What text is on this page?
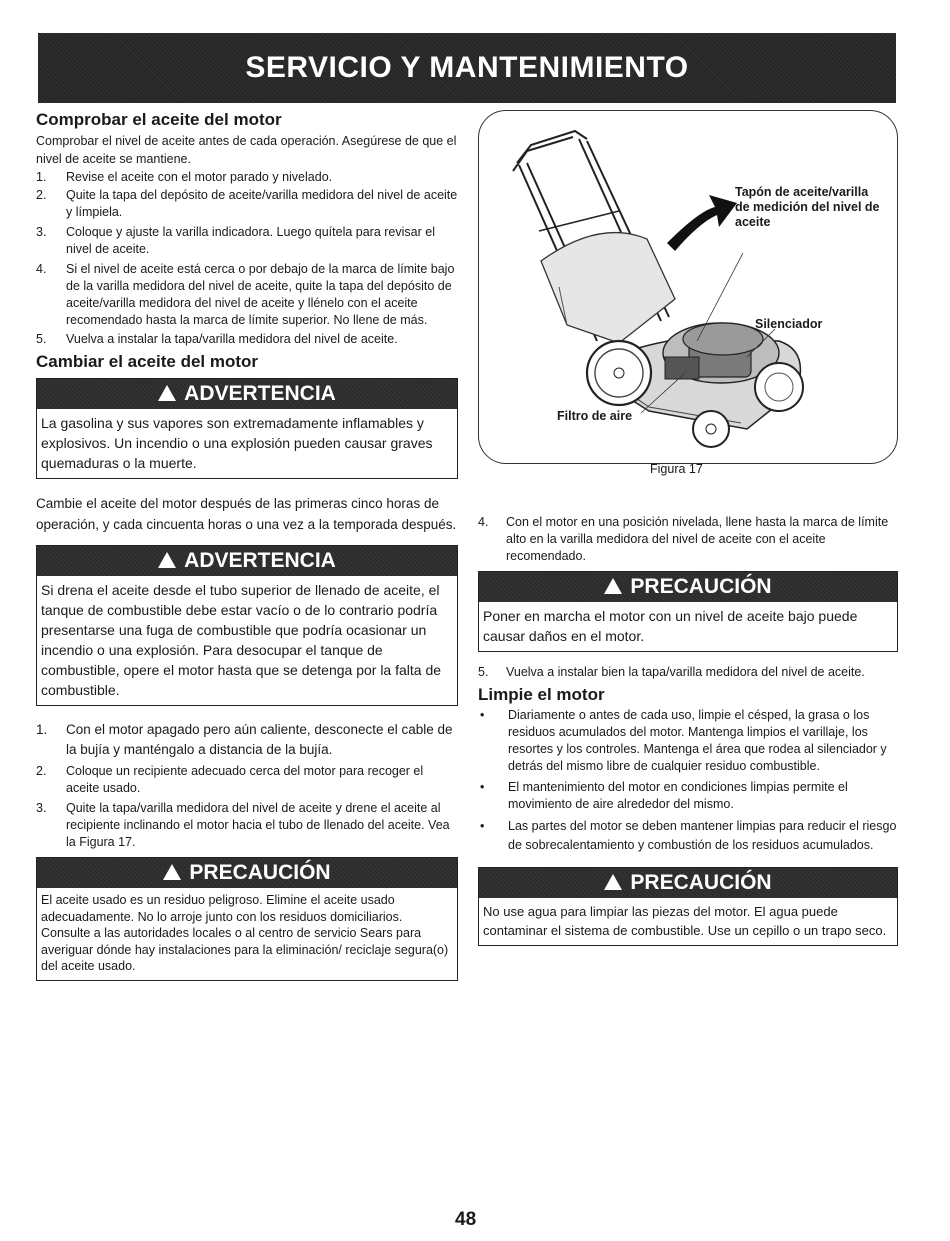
SERVICIO Y MANTENIMIENTO
Comprobar el aceite del motor

Comprobar el nivel de aceite antes de cada operación. Asegúrese de que el nivel de aceite se mantiene.

1. Revise el aceite con el motor parado y nivelado.
2. Quite la tapa del depósito de aceite/varilla medidora del nivel de aceite y límpiela.
3. Coloque y ajuste la varilla indicadora. Luego quítela para revisar el nivel de aceite.
4. Si el nivel de aceite está cerca o por debajo de la marca de límite bajo de la varilla medidora del nivel de aceite, quite la tapa del depósito de aceite/varilla medidora del nivel de aceite y llénelo con el aceite recomendado hasta la marca de límite superior. No llene de más.
5. Vuelva a instalar la tapa/varilla medidora del nivel de aceite.
Cambiar el aceite del motor
ADVERTENCIA
La gasolina y sus vapores son extremadamente inflamables y explosivos. Un incendio o una explosión pueden causar graves quemaduras o la muerte.

Cambie el aceite del motor después de las primeras cinco horas de operación, y cada cincuenta horas o una vez a la temporada después.

ADVERTENCIA
Si drena el aceite desde el tubo superior de llenado de aceite, el tanque de combustible debe estar vacío o de lo contrario podría presentarse una fuga de combustible que podría ocasionar un incendio o una explosión. Para desocupar el tanque de combustible, opere el motor hasta que se detenga por la falta de combustible.
1. Con el motor apagado pero aún caliente, desconecte el cable de la bujía y manténgalo a distancia de la bujía.
2. Coloque un recipiente adecuado cerca del motor para recoger el aceite usado.
3. Quite la tapa/varilla medidora del nivel de aceite y drene el aceite al recipiente inclinando el motor hacia el tubo de llenado del aceite. Vea la Figura 17.
PRECAUCIÓN
El aceite usado es un residuo peligroso. Elimine el aceite usado adecuadamente. No lo arroje junto con los residuos domiciliarios. Consulte a las autoridades locales o al centro de servicio Sears para averiguar dónde hay instalaciones para la eliminación/ reciclaje segura(o) del aceite usado.
Tapón de aceite/varilla de medición del nivel de aceite
Silenciador
Filtro de aire
Figura 17
4. Con el motor en una posición nivelada, llene hasta la marca de límite alto en la varilla medidora del nivel de aceite con el aceite recomendado.
PRECAUCIÓN
Poner en marcha el motor con un nivel de aceite bajo puede causar daños en el motor.
5. Vuelva a instalar bien la tapa/varilla medidora del nivel de aceite.
Limpie el motor
• Diariamente o antes de cada uso, limpie el césped, la grasa o los residuos acumulados del motor. Mantenga limpios el varillaje, los resortes y los controles. Mantenga el área que rodea al silenciador y detrás del mismo libre de cualquier residuo combustible.
• El mantenimiento del motor en condiciones limpias permite el movimiento de aire alrededor del mismo.
• Las partes del motor se deben mantener limpias para reducir el riesgo de sobrecalentamiento y combustión de los residuos acumulados.
PRECAUCIÓN
No use agua para limpiar las piezas del motor. El agua puede contaminar el sistema de combustible. Use un cepillo o un trapo seco.
48
